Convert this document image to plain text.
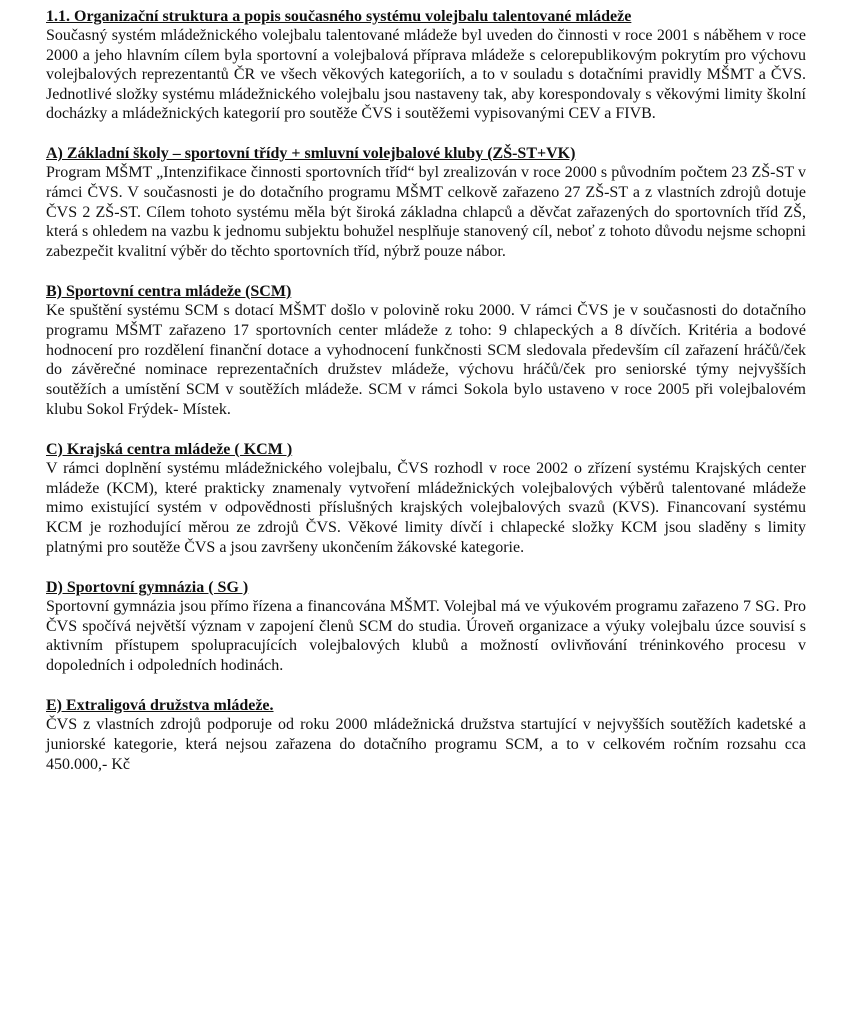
1.1. Organizační struktura a popis současného systému volejbalu talentované mládeže

Současný systém mládežnického volejbalu talentované mládeže byl uveden do činnosti v roce 2001 s náběhem v roce 2000 a jeho hlavním cílem byla sportovní a volejbalová příprava mládeže s celorepublikovým pokrytím pro výchovu volejbalových reprezentantů ČR ve všech věkových kategoriích, a to v souladu s dotačními pravidly MŠMT a ČVS. Jednotlivé složky systému mládežnického volejbalu jsou nastaveny tak, aby korespondovaly s věkovými limity školní docházky a mládežnických kategorií pro soutěže ČVS i soutěžemi vypisovanými CEV a FIVB.

A) Základní školy – sportovní třídy + smluvní volejbalové kluby (ZŠ-ST+VK)

Program MŠMT „Intenzifikace činnosti sportovních tříd“ byl zrealizován v roce 2000 s původním počtem 23 ZŠ-ST v rámci ČVS. V současnosti je do dotačního programu MŠMT celkově zařazeno 27 ZŠ-ST a z vlastních zdrojů dotuje ČVS 2 ZŠ-ST. Cílem tohoto systému měla být široká základna chlapců a děvčat zařazených do sportovních tříd ZŠ, která s ohledem na vazbu k jednomu subjektu bohužel nesplňuje stanovený cíl, neboť z tohoto důvodu nejsme schopni zabezpečit kvalitní výběr do těchto sportovních tříd, nýbrž pouze nábor.

B) Sportovní centra mládeže (SCM)

Ke spuštění systému SCM s dotací MŠMT došlo v polovině roku 2000. V rámci ČVS je v současnosti do dotačního programu MŠMT zařazeno 17 sportovních center mládeže z toho: 9 chlapeckých a 8 dívčích. Kritéria a bodové hodnocení pro rozdělení finanční dotace a vyhodnocení funkčnosti SCM sledovala především cíl zařazení hráčů/ček do závěrečné nominace reprezentačních družstev mládeže, výchovu hráčů/ček pro seniorské týmy nejvyšších soutěžích a umístění SCM v soutěžích mládeže. SCM v rámci Sokola bylo ustaveno v roce 2005 při volejbalovém klubu Sokol Frýdek- Místek.

C) Krajská centra mládeže ( KCM )

V rámci doplnění systému mládežnického volejbalu, ČVS rozhodl v roce 2002 o zřízení systému Krajských center mládeže (KCM), které prakticky znamenaly vytvoření mládežnických volejbalových výběrů talentované mládeže mimo existující systém v odpovědnosti příslušných krajských volejbalových svazů (KVS). Financovaní systému KCM je rozhodující měrou ze zdrojů ČVS. Věkové limity dívčí i chlapecké složky KCM jsou sladěny s limity platnými pro soutěže ČVS a jsou završeny ukončením žákovské kategorie.

D) Sportovní gymnázia ( SG )

Sportovní gymnázia jsou přímo řízena a financována MŠMT. Volejbal má ve výukovém programu zařazeno 7 SG. Pro ČVS spočívá největší význam v zapojení členů SCM do studia. Úroveň organizace a výuky volejbalu úzce souvisí s aktivním přístupem spolupracujících volejbalových klubů a možností ovlivňování tréninkového procesu v dopoledních i odpoledních hodinách.

E) Extraligová družstva mládeže.

ČVS z vlastních zdrojů podporuje od roku 2000 mládežnická družstva startující v nejvyšších soutěžích kadetské a juniorské kategorie, která nejsou zařazena do dotačního programu SCM, a to v celkovém ročním rozsahu cca 450.000,- Kč
